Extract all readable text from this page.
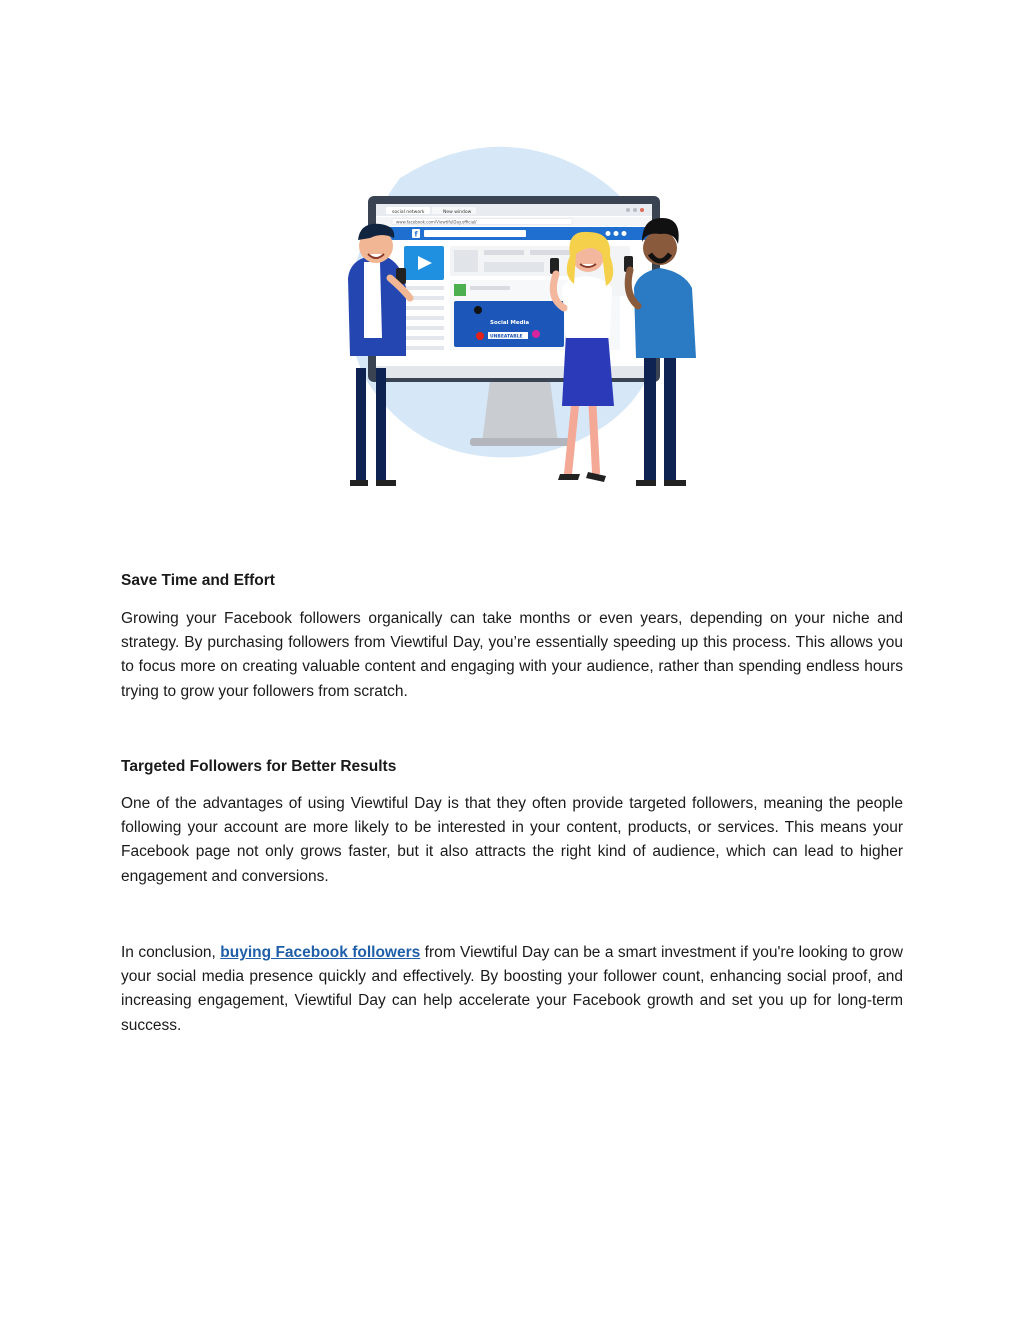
social network	New window
www.facebook.com/ViewtifulDay.official/
f
Social Media
UNBEATABLE
Save Time and Effort

Growing your Facebook followers organically can take months or even years, depending on your niche and strategy. By purchasing followers from Viewtiful Day, you’re essentially speeding up this process. This allows you to focus more on creating valuable content and engaging with your audience, rather than spending endless hours trying to grow your followers from scratch.

Targeted Followers for Better Results

One of the advantages of using Viewtiful Day is that they often provide targeted followers, meaning the people following your account are more likely to be interested in your content, products, or services. This means your Facebook page not only grows faster, but it also attracts the right kind of audience, which can lead to higher engagement and conversions.

In conclusion, buying Facebook followers from Viewtiful Day can be a smart investment if you're looking to grow your social media presence quickly and effectively. By boosting your follower count, enhancing social proof, and increasing engagement, Viewtiful Day can help accelerate your Facebook growth and set you up for long-term success.
